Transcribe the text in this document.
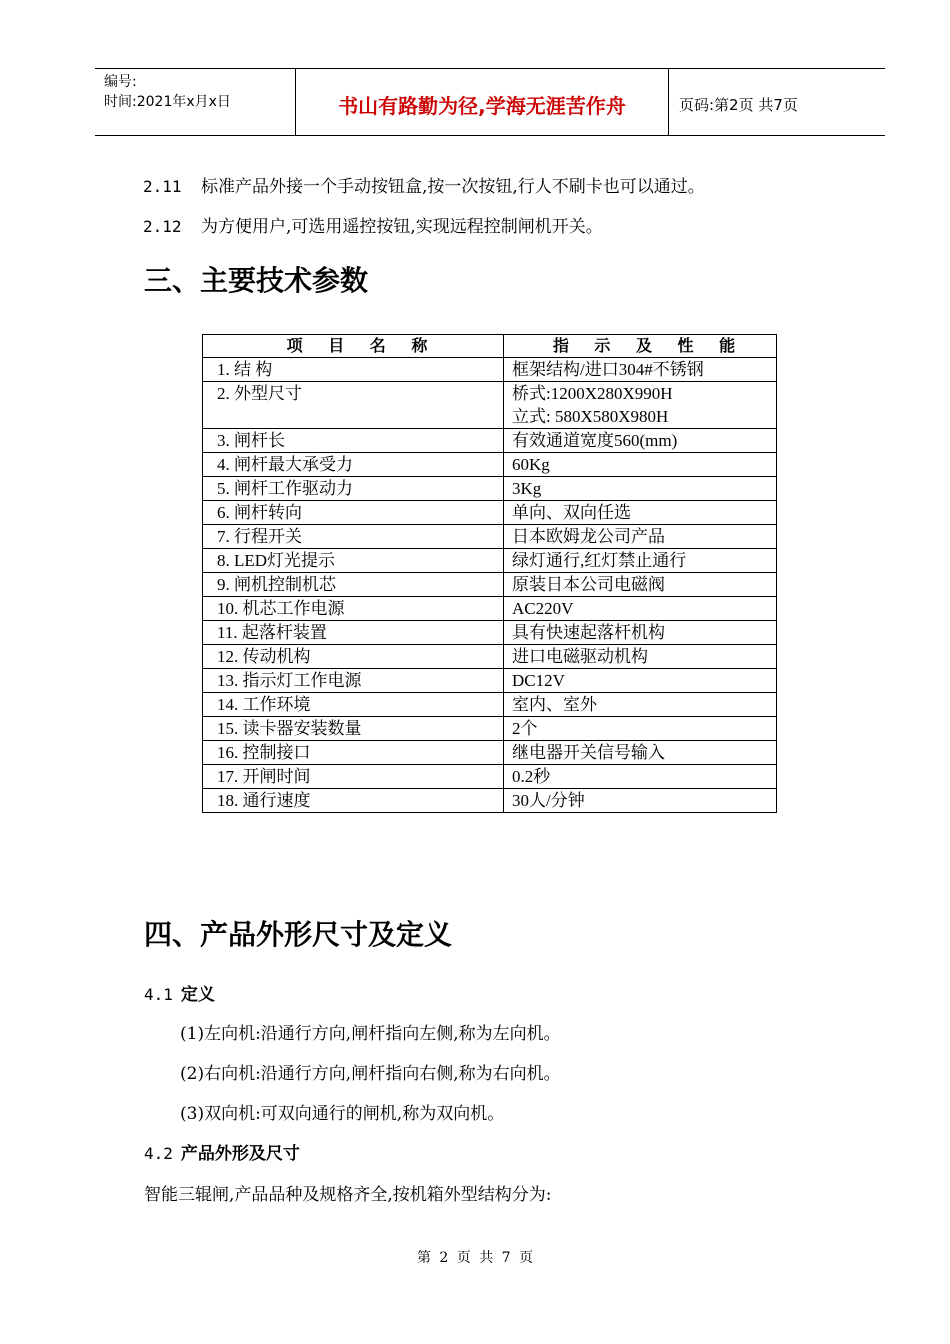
编号:
时间:2021年x月x日	书山有路勤为径,学海无涯苦作舟	页码:第2页 共7页
2.11 标准产品外接一个手动按钮盒,按一次按钮,行人不刷卡也可以通过。
2.12 为方便用户,可选用遥控按钮,实现远程控制闸机开关。
三、主要技术参数
项 目 名 称	指 示 及 性 能
1. 结 构	框架结构/进口304#不锈钢
2. 外型尺寸	桥式:1200X280X990H
	立式: 580X580X980H
3. 闸杆长	有效通道宽度560(mm)
4. 闸杆最大承受力	60Kg
5. 闸杆工作驱动力	3Kg
6. 闸杆转向	单向、双向任选
7. 行程开关	日本欧姆龙公司产品
8. LED灯光提示	绿灯通行,红灯禁止通行
9. 闸机控制机芯	原装日本公司电磁阀
10. 机芯工作电源	AC220V
11. 起落杆装置	具有快速起落杆机构
12. 传动机构	进口电磁驱动机构
13. 指示灯工作电源	DC12V
14. 工作环境	室内、室外
15. 读卡器安装数量	2个
16. 控制接口	继电器开关信号输入
17. 开闸时间	0.2秒
18. 通行速度	30人/分钟
四、产品外形尺寸及定义
4.1 定义
(1)左向机:沿通行方向,闸杆指向左侧,称为左向机。
(2)右向机:沿通行方向,闸杆指向右侧,称为右向机。
(3)双向机:可双向通行的闸机,称为双向机。
4.2 产品外形及尺寸
智能三辊闸,产品品种及规格齐全,按机箱外型结构分为:
第 2 页 共 7 页
